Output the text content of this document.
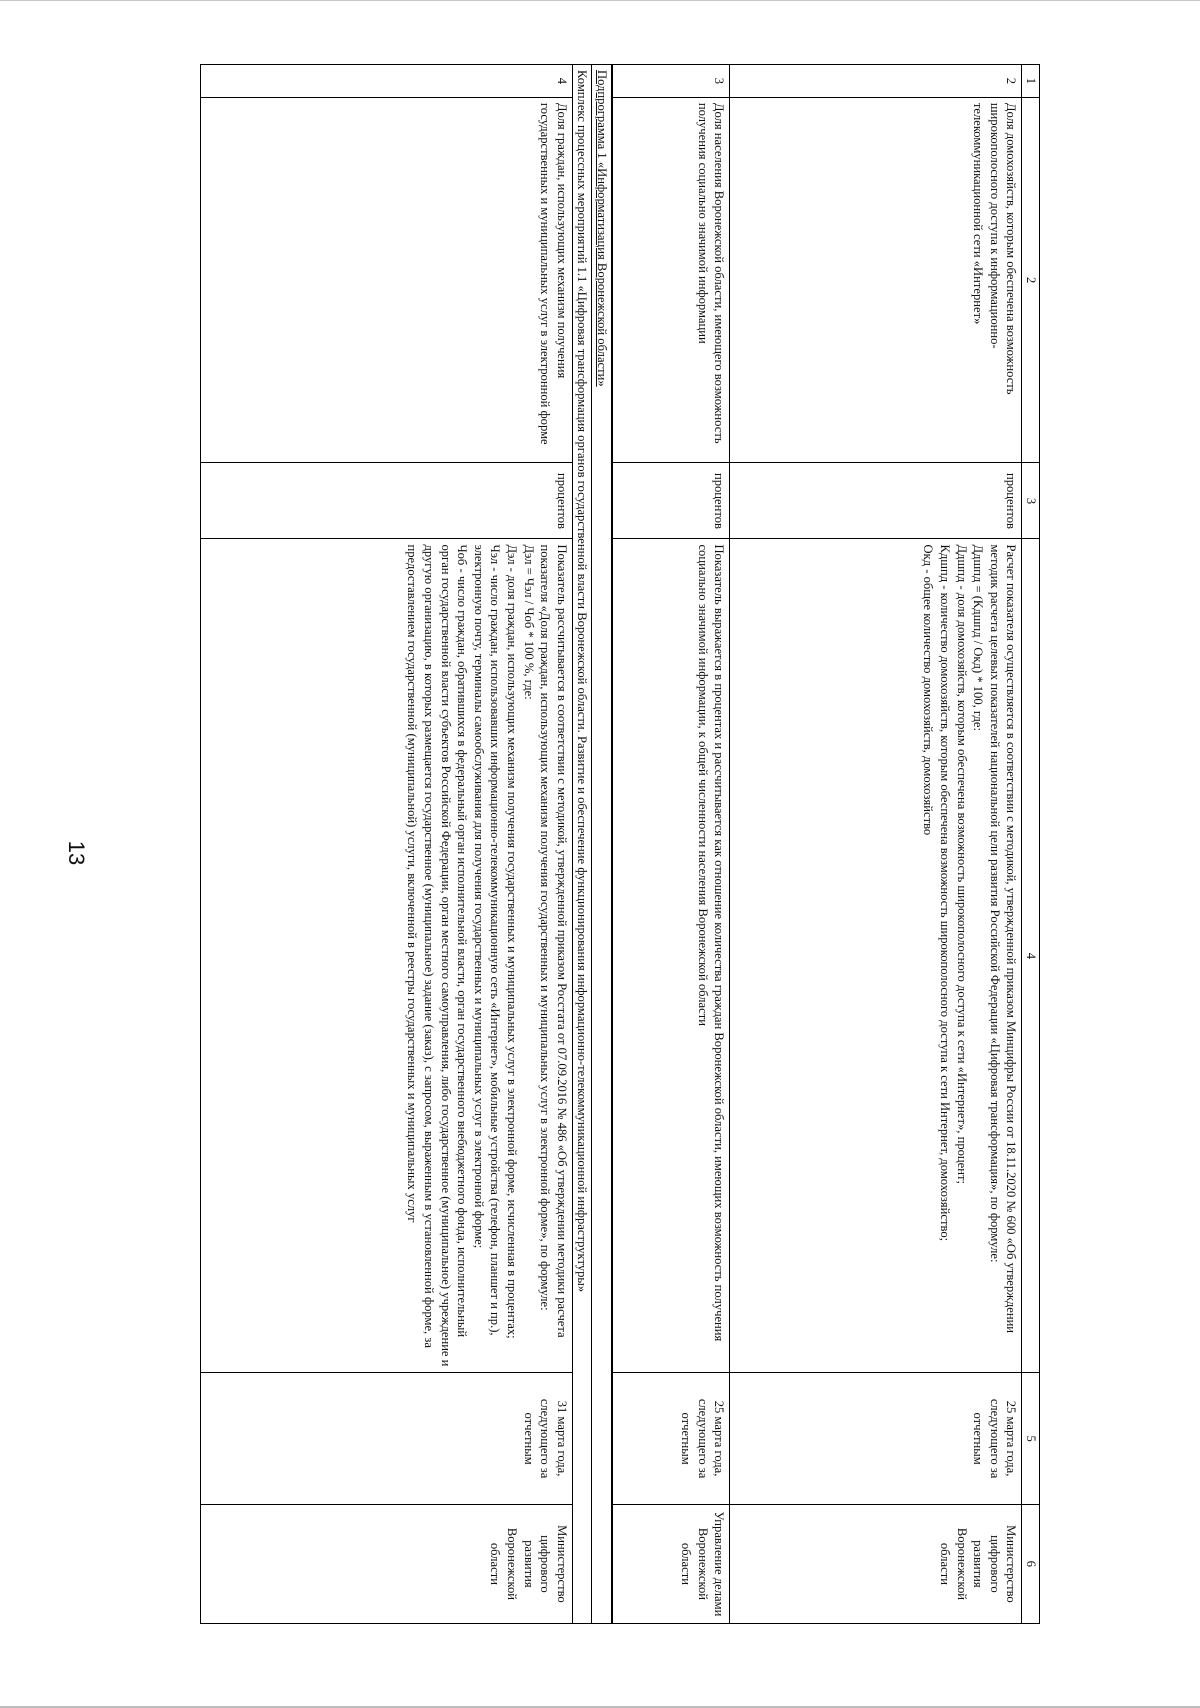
13
1	2	3	4	5	6
2	Доля домохозяйств, которым обеспечена возможность широкополосного доступа к информационно-телекоммуникационной сети «Интернет»	процентов	Расчет показателя осуществляется в соответствии с методикой, утвержденной приказом Минцифры России от 18.11.2020 № 600 «Об утверждении методик расчета целевых показателей национальной цели развития Российской Федерации «Цифровая трансформация», по формуле:
Ддшпд = (Кдшпд / Окд) * 100, где:
Ддшпд - доля домохозяйств, которым обеспечена возможность широкополосного доступа к сети «Интернет», процент;
Кдшпд - количество домохозяйств, которым обеспечена возможность широкополосного доступа к сети Интернет, домохозяйство;
Окд - общее количество домохозяйств, домохозяйство	25 марта года, следующего за отчетным	Министерство цифрового развития Воронежской области
3	Доля населения Воронежской области, имеющего возможность получения социально значимой информации	процентов	Показатель выражается в процентах и рассчитывается как отношение количества граждан Воронежской области, имеющих возможность получения социально значимой информации, к общей численности населения Воронежской области	25 марта года, следующего за отчетным	Управление делами Воронежской области
Подпрограмма 1 «Информатизация Воронежской области»					
Комплекс процессных мероприятий 1.1 «Цифровая трансформация органов государственной власти Воронежской области. Развитие и обеспечение функционирования информационно-телекоммуникационной инфраструктуры»					
4	Доля граждан, использующих механизм получения государственных и муниципальных услуг в электронной форме	процентов	Показатель рассчитывается в соответствии с методикой, утвержденной приказом Росстата от 07.09.2016 № 486 «Об утверждении методики расчета показателя «Доля граждан, использующих механизм получения государственных и муниципальных услуг в электронной форме», по формуле:
Дэл = Чэл / Чоб * 100 %, где:
Дэл - доля граждан, использующих механизм получения государственных и муниципальных услуг в электронной форме, исчисленная в процентах;
Чэл - число граждан, использовавших информационно-телекоммуникационную сеть «Интернет», мобильные устройства (телефон, планшет и пр.), электронную почту, терминалы самообслуживания для получения государственных и муниципальных услуг в электронной форме;
Чоб - число граждан, обратившихся в федеральный орган исполнительной власти, орган государственного внебюджетного фонда, исполнительный орган государственной власти субъектов Российской Федерации, орган местного самоуправления, либо государственное (муниципальное) учреждение и другую организацию, в которых размещается государственное (муниципальное) задание (заказ), с запросом, выраженным в установленной форме, за предоставлением государственной (муниципальной) услуги, включенной в реестры государственных и муниципальных услуг	31 марта года, следующего за отчетным	Министерство цифрового развития Воронежской области
